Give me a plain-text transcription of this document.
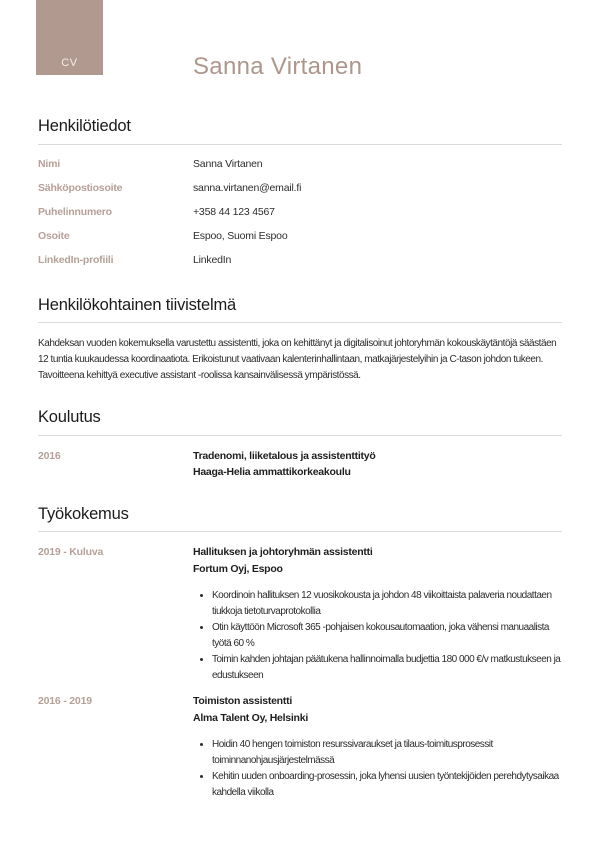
CV	Sanna Virtanen
Henkilötiedot
Nimi	Sanna Virtanen
Sähköpostiosoite	sanna.virtanen@email.fi
Puhelinnumero	+358 44 123 4567
Osoite	Espoo, Suomi Espoo
LinkedIn-profiili	LinkedIn
Henkilökohtainen tiivistelmä

Kahdeksan vuoden kokemuksella varustettu assistentti, joka on kehittänyt ja digitalisoinut johtoryhmän kokouskäytäntöjä säästäen 12 tuntia kuukaudessa koordinaatiota. Erikoistunut vaativaan kalenterinhallintaan, matkajärjestelyihin ja C-tason johdon tukeen. Tavoitteena kehittyä executive assistant -roolissa kansainvälisessä ympäristössä.

Koulutus
2016	Tradenomi, liiketalous ja assistenttityö
Haaga-Helia ammattikorkeakoulu
Työkokemus
2019 - Kuluva	Hallituksen ja johtoryhmän assistentti
Fortum Oyj, Espoo
• Koordinoin hallituksen 12 vuosikokousta ja johdon 48 viikoittaista palaveria noudattaen tiukkoja tietoturvaprotokollia
• Otin käyttöön Microsoft 365 -pohjaisen kokousautomaation, joka vähensi manuaalista työtä 60 %
• Toimin kahden johtajan päätukena hallinnoimalla budjettia 180 000 €/v matkustukseen ja edustukseen
2016 - 2019	Toimiston assistentti
Alma Talent Oy, Helsinki
• Hoidin 40 hengen toimiston resurssivaraukset ja tilaus-toimitusprosessit toiminnanohjausjärjestelmässä
• Kehitin uuden onboarding-prosessin, joka lyhensi uusien työntekijöiden perehdytysaikaa kahdella viikolla
